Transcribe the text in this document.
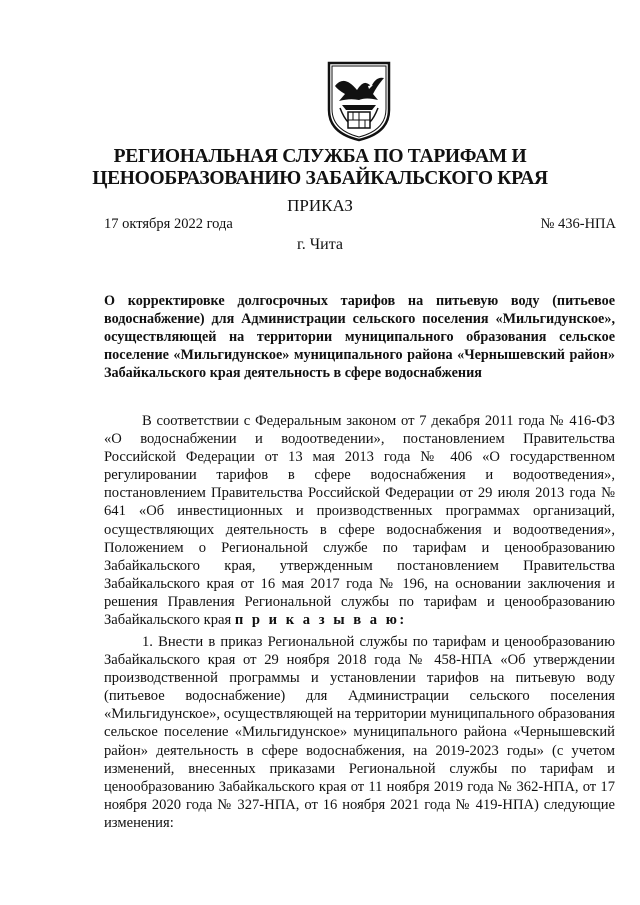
РЕГИОНАЛЬНАЯ СЛУЖБА ПО ТАРИФАМ И
ЦЕНООБРАЗОВАНИЮ ЗАБАЙКАЛЬСКОГО КРАЯ
ПРИКАЗ
17 октября 2022 года	№ 436-НПА
г. Чита
О корректировке долгосрочных тарифов на питьевую воду (питьевое водоснабжение) для Администрации сельского поселения «Мильгидунское», осуществляющей на территории муниципального образования сельское поселение «Мильгидунское» муниципального района «Чернышевский район» Забайкальского края деятельность в сфере водоснабжения
В соответствии с Федеральным законом от 7 декабря 2011 года № 416-ФЗ «О водоснабжении и водоотведении», постановлением Правительства Российской Федерации от 13 мая 2013 года № 406 «О государственном регулировании тарифов в сфере водоснабжения и водоотведения», постановлением Правительства Российской Федерации от 29 июля 2013 года № 641 «Об инвестиционных и производственных программах организаций, осуществляющих деятельность в сфере водоснабжения и водоотведения», Положением о Региональной службе по тарифам и ценообразованию Забайкальского края, утвержденным постановлением Правительства Забайкальского края от 16 мая 2017 года № 196, на основании заключения и решения Правления Региональной службы по тарифам и ценообразованию Забайкальского края п р и к а з ы в а ю:
1. Внести в приказ Региональной службы по тарифам и ценообразованию Забайкальского края от 29 ноября 2018 года № 458-НПА «Об утверждении производственной программы и установлении тарифов на питьевую воду (питьевое водоснабжение) для Администрации сельского поселения «Мильгидунское», осуществляющей на территории муниципального образования сельское поселение «Мильгидунское» муниципального района «Чернышевский район» деятельность в сфере водоснабжения, на 2019-2023 годы» (с учетом изменений, внесенных приказами Региональной службы по тарифам и ценообразованию Забайкальского края от 11 ноября 2019 года № 362-НПА, от 17 ноября 2020 года № 327-НПА, от 16 ноября 2021 года № 419-НПА) следующие изменения:
